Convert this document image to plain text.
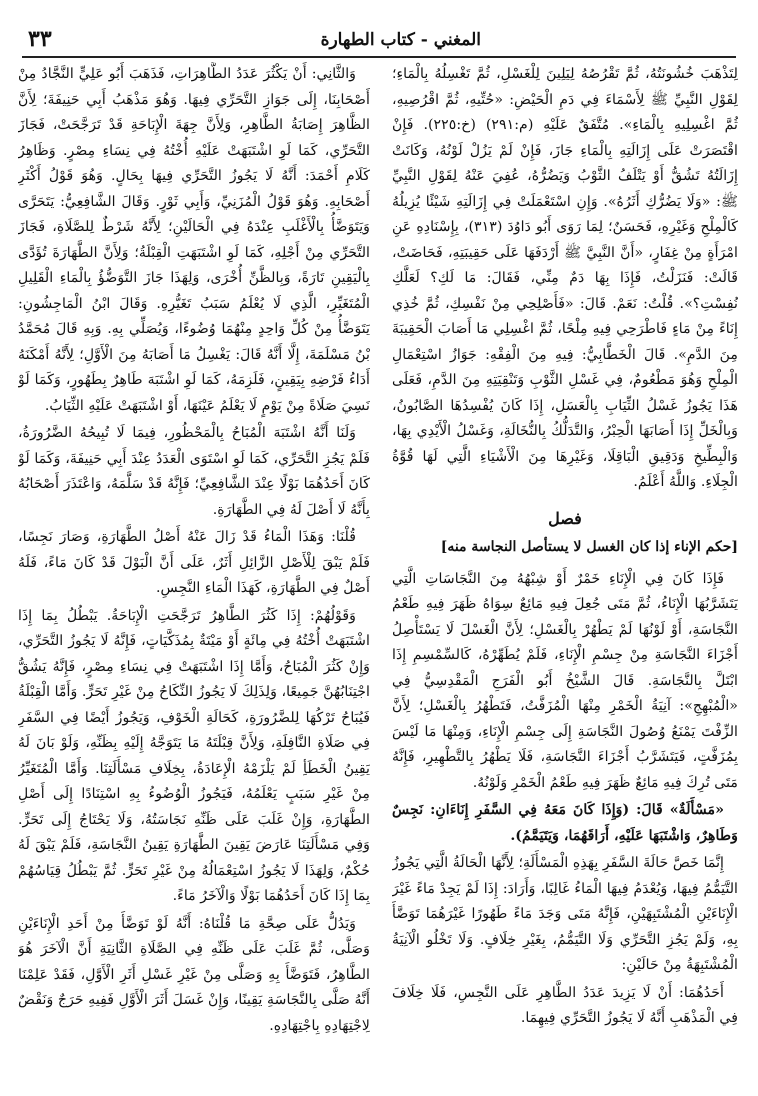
المغني - كتاب الطهارة
٣٣

لِتَذْهَبَ خُشُونَتُهُ، ثُمَّ تَقْرُصُهُ لِيَلِينَ لِلْغَسْلِ، ثُمَّ تَغْسِلُهُ بِالْمَاءِ؛ لِقَوْلِ النَّبِيِّ ﷺ لِأَسْمَاءَ فِي دَمِ الْحَيْضِ: «حُتِّيهِ، ثُمَّ اقْرُصِيهِ، ثُمَّ اغْسِلِيهِ بِالْمَاءِ». مُتَّفَقٌ عَلَيْهِ (م:٢٩١) (خ:٢٢٥). فَإِنْ اقْتَصَرَتْ عَلَى إِزَالَتِهِ بِالْمَاءِ جَازَ، فَإِنْ لَمْ يَزُلْ لَوْنُهُ، وَكَانَتْ إِزَالَتُهُ تَشُقُّ أَوْ يَتْلَفُ الثَّوْبُ وَيَضُرُّهُ، عُفِيَ عَنْهُ لِقَوْلِ النَّبِيِّ ﷺ: «وَلَا يَضُرُّكِ أَثَرُهُ». وَإِنِ اسْتَعْمَلَتْ فِي إِزَالَتِهِ شَيْئًا يُزِيلُهُ كَالْمِلْحِ وَغَيْرِهِ، فَحَسَنٌ؛ لِمَا رَوَى أَبُو دَاوُدَ (٣١٣)، بِإِسْنَادِهِ عَنِ امْرَأَةٍ مِنْ غِفَارٍ، «أَنَّ النَّبِيَّ ﷺ أَرْدَفَهَا عَلَى حَقِيبَتِهِ، فَحَاضَتْ، قَالَتْ: فَنَزَلْتُ، فَإِذَا بِهَا دَمٌ مِنِّي، فَقَالَ: مَا لَكِ؟ لَعَلَّكِ نُفِسْتِ؟». قُلْتُ: نَعَمْ. قَالَ: «فَأَصْلِحِي مِنْ نَفْسِكِ، ثُمَّ خُذِي إِنَاءً مِنْ مَاءٍ فَاطْرَحِي فِيهِ مِلْحًا، ثُمَّ اغْسِلِي مَا أَصَابَ الْحَقِيبَةَ مِنَ الدَّمِ». قَالَ الْخَطَّابِيُّ: فِيهِ مِنَ الْفِقْهِ: جَوَازُ اسْتِعْمَالِ الْمِلْحِ وَهُوَ مَطْعُومٌ، فِي غَسْلِ الثَّوْبِ وَتَنْقِيَتِهِ مِنَ الدَّمِ، فَعَلَى هَذَا يَجُوزُ غَسْلُ الثِّيَابِ بِالْعَسَلِ، إِذَا كَانَ يُفْسِدُهَا الصَّابُونُ، وَبِالْخَلِّ إِذَا أَصَابَهَا الْحِبْرُ، وَالتَّدَلُّكُ بِالنُّخَالَةِ، وَغَسْلُ الْأَيْدِي بِهَا، وَالْبِطِّيخِ وَدَقِيقِ الْبَاقِلَا، وَغَيْرِهَا مِنَ الْأَشْيَاءِ الَّتِي لَهَا قُوَّةُ الْجِلَاءِ. وَاللَّهُ أَعْلَمُ.

فصل
[حكم الإناء إذا كان الغسل لا يستأصل النجاسة منه]

فَإِذَا كَانَ فِي الْإِنَاءِ خَمْرٌ أَوْ شِبْهُهُ مِنَ النَّجَاسَاتِ الَّتِي يَتَشَرَّبُهَا الْإِنَاءُ، ثُمَّ مَتَى جُعِلَ فِيهِ مَائِعٌ سِوَاهُ ظَهَرَ فِيهِ طَعْمُ النَّجَاسَةِ، أَوْ لَوْنُهَا لَمْ يَطْهُرْ بِالْغَسْلِ؛ لِأَنَّ الْغَسْلَ لَا يَسْتَأْصِلُ أَجْزَاءَ النَّجَاسَةِ مِنْ جِسْمِ الْإِنَاءِ، فَلَمْ يُطَهِّرْهُ، كَالسِّمْسِمِ إِذَا ابْتَلَّ بِالنَّجَاسَةِ. قَالَ الشَّيْخُ أَبُو الْفَرَجِ الْمَقْدِسِيُّ فِي «الْمُبْهِجِ»: آنِيَةُ الْخَمْرِ مِنْهَا الْمُزَفَّتُ، فَتَطْهُرُ بِالْغَسْلِ؛ لِأَنَّ الزِّفْتَ يَمْنَعُ وُصُولَ النَّجَاسَةِ إِلَى جِسْمِ الْإِنَاءِ، وَمِنْهَا مَا لَيْسَ بِمُزَفَّتٍ، فَيَتَشَرَّبُ أَجْزَاءَ النَّجَاسَةِ، فَلَا يَطْهُرُ بِالتَّطْهِيرِ، فَإِنَّهُ مَتَى تُرِكَ فِيهِ مَائِعٌ ظَهَرَ فِيهِ طَعْمُ الْخَمْرِ وَلَوْنُهُ.

«مَسْأَلَةٌ» قَالَ: (وَإِذَا كَانَ مَعَهُ فِي السَّفَرِ إِنَاءَانِ: نَجِسٌ وَطَاهِرٌ، وَاشْتَبَهَا عَلَيْهِ، أَرَاقَهُمَا، وَيَتَيَمَّمُ).

إِنَّمَا خَصَّ حَالَةَ السَّفَرِ بِهَذِهِ الْمَسْأَلَةِ؛ لِأَنَّهَا الْحَالَةُ الَّتِي يَجُوزُ التَّيَمُّمُ فِيهَا، وَيُعْدَمُ فِيهَا الْمَاءُ غَالِبًا، وَأَرَادَ: إِذَا لَمْ يَجِدْ مَاءً غَيْرَ الْإِنَاءَيْنِ الْمُشْتَبِهَيْنِ، فَإِنَّهُ مَتَى وَجَدَ مَاءً طَهُورًا غَيْرَهُمَا تَوَضَّأَ بِهِ، وَلَمْ يَجُزِ التَّحَرِّي وَلَا التَّيَمُّمُ، بِغَيْرِ خِلَافٍ. وَلَا تَخْلُو الْآنِيَةُ الْمُشْتَبِهَةُ مِنْ حَالَيْنِ:

أَحَدُهُمَا: أَنْ لَا يَزِيدَ عَدَدُ الطَّاهِرِ عَلَى النَّجِسِ، فَلَا خِلَافَ فِي الْمَذْهَبِ أَنَّهُ لَا يَجُوزُ التَّحَرِّي فِيهِمَا.

وَالثَّانِي: أَنْ يَكْثُرَ عَدَدُ الطَّاهِرَاتِ، فَذَهَبَ أَبُو عَلِيٍّ النَّجَّادُ مِنْ أَصْحَابِنَا، إِلَى جَوَازِ التَّحَرِّي فِيهَا. وَهُوَ مَذْهَبُ أَبِي حَنِيفَةَ؛ لِأَنَّ الظَّاهِرَ إِصَابَةُ الطَّاهِرِ، وَلِأَنَّ جِهَةَ الْإِبَاحَةِ قَدْ تَرَجَّحَتْ، فَجَازَ التَّحَرِّي، كَمَا لَوِ اشْتَبَهَتْ عَلَيْهِ أُخْتُهُ فِي نِسَاءِ مِصْرٍ. وَظَاهِرُ كَلَامِ أَحْمَدَ: أَنَّهُ لَا يَجُوزُ التَّحَرِّي فِيهَا بِحَالٍ. وَهُوَ قَوْلُ أَكْثَرِ أَصْحَابِهِ. وَهُوَ قَوْلُ الْمُزَنِيِّ، وَأَبِي ثَوْرٍ. وَقَالَ الشَّافِعِيُّ: يَتَحَرَّى وَيَتَوَضَّأُ بِالْأَغْلَبِ عِنْدَهُ فِي الْحَالَيْنِ؛ لِأَنَّهُ شَرْطٌ لِلصَّلَاةِ، فَجَازَ التَّحَرِّي مِنْ أَجْلِهِ، كَمَا لَوِ اشْتَبَهَتِ الْقِبْلَةُ؛ وَلِأَنَّ الطَّهَارَةَ تُؤَدَّى بِالْيَقِينِ تَارَةً، وَبِالظَّنِّ أُخْرَى، وَلِهَذَا جَازَ التَّوَضُّؤُ بِالْمَاءِ الْقَلِيلِ الْمُتَغَيِّرِ، الَّذِي لَا يُعْلَمُ سَبَبُ تَغَيُّرِهِ. وَقَالَ ابْنُ الْمَاجِشُونِ: يَتَوَضَّأُ مِنْ كُلِّ وَاحِدٍ مِنْهُمَا وُضُوءًا، وَيُصَلِّي بِهِ. وَبِهِ قَالَ مُحَمَّدُ بْنُ مَسْلَمَةَ، إِلَّا أَنَّهُ قَالَ: يَغْسِلُ مَا أَصَابَهُ مِنَ الْأَوَّلِ؛ لِأَنَّهُ أَمْكَنَهُ أَدَاءُ فَرْضِهِ بِيَقِينٍ، فَلَزِمَهُ، كَمَا لَوِ اشْتَبَهَ طَاهِرٌ بِطَهُورٍ، وَكَمَا لَوْ نَسِيَ صَلَاةً مِنْ يَوْمٍ لَا يَعْلَمُ عَيْنَهَا، أَوْ اشْتَبَهَتْ عَلَيْهِ الثِّيَابُ.

وَلَنَا أَنَّهُ اشْتَبَهَ الْمُبَاحُ بِالْمَحْظُورِ، فِيمَا لَا تُبِيحُهُ الضَّرُورَةُ، فَلَمْ يَجُزِ التَّحَرِّي، كَمَا لَوِ اسْتَوَى الْعَدَدُ عِنْدَ أَبِي حَنِيفَةَ، وَكَمَا لَوْ كَانَ أَحَدُهُمَا بَوْلًا عِنْدَ الشَّافِعِيِّ؛ فَإِنَّهُ قَدْ سَلَّمَهُ، وَاعْتَذَرَ أَصْحَابُهُ بِأَنَّهُ لَا أَصْلَ لَهُ فِي الطَّهَارَةِ.

قُلْنَا: وَهَذَا الْمَاءُ قَدْ زَالَ عَنْهُ أَصْلُ الطَّهَارَةِ، وَصَارَ نَجِسًا، فَلَمْ يَبْقَ لِلْأَصْلِ الزَّائِلِ أَثَرٌ، عَلَى أَنَّ الْبَوْلَ قَدْ كَانَ مَاءً، فَلَهُ أَصْلٌ فِي الطَّهَارَةِ، كَهَذَا الْمَاءِ النَّجِسِ.

وَقَوْلُهُمْ: إِذَا كَثُرَ الطَّاهِرُ تَرَجَّحَتِ الْإِبَاحَةُ. يَبْطُلُ بِمَا إِذَا اشْتَبَهَتْ أُخْتُهُ فِي مِائَةٍ أَوْ مَيْتَةٌ بِمُذَكَّيَاتٍ، فَإِنَّهُ لَا يَجُوزُ التَّحَرِّي، وَإِنْ كَثُرَ الْمُبَاحُ، وَأَمَّا إِذَا اشْتَبَهَتْ فِي نِسَاءِ مِصْرٍ، فَإِنَّهُ يَشُقُّ اجْتِنَابُهُنَّ جَمِيعًا، وَلِذَلِكَ لَا يَجُوزُ النِّكَاحُ مِنْ غَيْرِ تَحَرٍّ. وَأَمَّا الْقِبْلَةُ فَيُبَاحُ تَرْكُهَا لِلضَّرُورَةِ، كَحَالَةِ الْخَوْفِ، وَيَجُوزُ أَيْضًا فِي السَّفَرِ فِي صَلَاةِ النَّافِلَةِ، وَلِأَنَّ قِبْلَتَهُ مَا يَتَوَجَّهُ إِلَيْهِ بِظَنِّهِ، وَلَوْ بَانَ لَهُ يَقِينُ الْخَطَأِ لَمْ يَلْزَمْهُ الْإِعَادَةُ، بِخِلَافِ مَسْأَلَتِنَا. وَأَمَّا الْمُتَغَيِّرُ مِنْ غَيْرِ سَبَبٍ يَعْلَمُهُ، فَيَجُوزُ الْوُضُوءُ بِهِ اسْتِنَادًا إِلَى أَصْلِ الطَّهَارَةِ، وَإِنْ غَلَبَ عَلَى ظَنِّهِ نَجَاسَتُهُ، وَلَا يَحْتَاجُ إِلَى تَحَرٍّ. وَفِي مَسْأَلَتِنَا عَارَضَ يَقِينَ الطَّهَارَةِ يَقِينُ النَّجَاسَةِ، فَلَمْ يَبْقَ لَهُ حُكْمٌ، وَلِهَذَا لَا يَجُوزُ اسْتِعْمَالُهُ مِنْ غَيْرِ تَحَرٍّ. ثُمَّ يَبْطُلُ قِيَاسُهُمْ بِمَا إِذَا كَانَ أَحَدُهُمَا بَوْلًا وَالْآخَرُ مَاءً.

وَيَدُلُّ عَلَى صِحَّةِ مَا قُلْنَاهُ: أَنَّهُ لَوْ تَوَضَّأَ مِنْ أَحَدِ الْإِنَاءَيْنِ وَصَلَّى، ثُمَّ غَلَبَ عَلَى ظَنِّهِ فِي الصَّلَاةِ الثَّانِيَةِ أَنَّ الْآخَرَ هُوَ الطَّاهِرُ، فَتَوَضَّأَ بِهِ وَصَلَّى مِنْ غَيْرِ غَسْلِ أَثَرِ الْأَوَّلِ، فَقَدْ عَلِمْنَا أَنَّهُ صَلَّى بِالنَّجَاسَةِ يَقِينًا، وَإِنْ غَسَلَ أَثَرَ الْأَوَّلِ فَفِيهِ حَرَجٌ وَنَقْضٌ لِاجْتِهَادِهِ بِاجْتِهَادِهِ.
